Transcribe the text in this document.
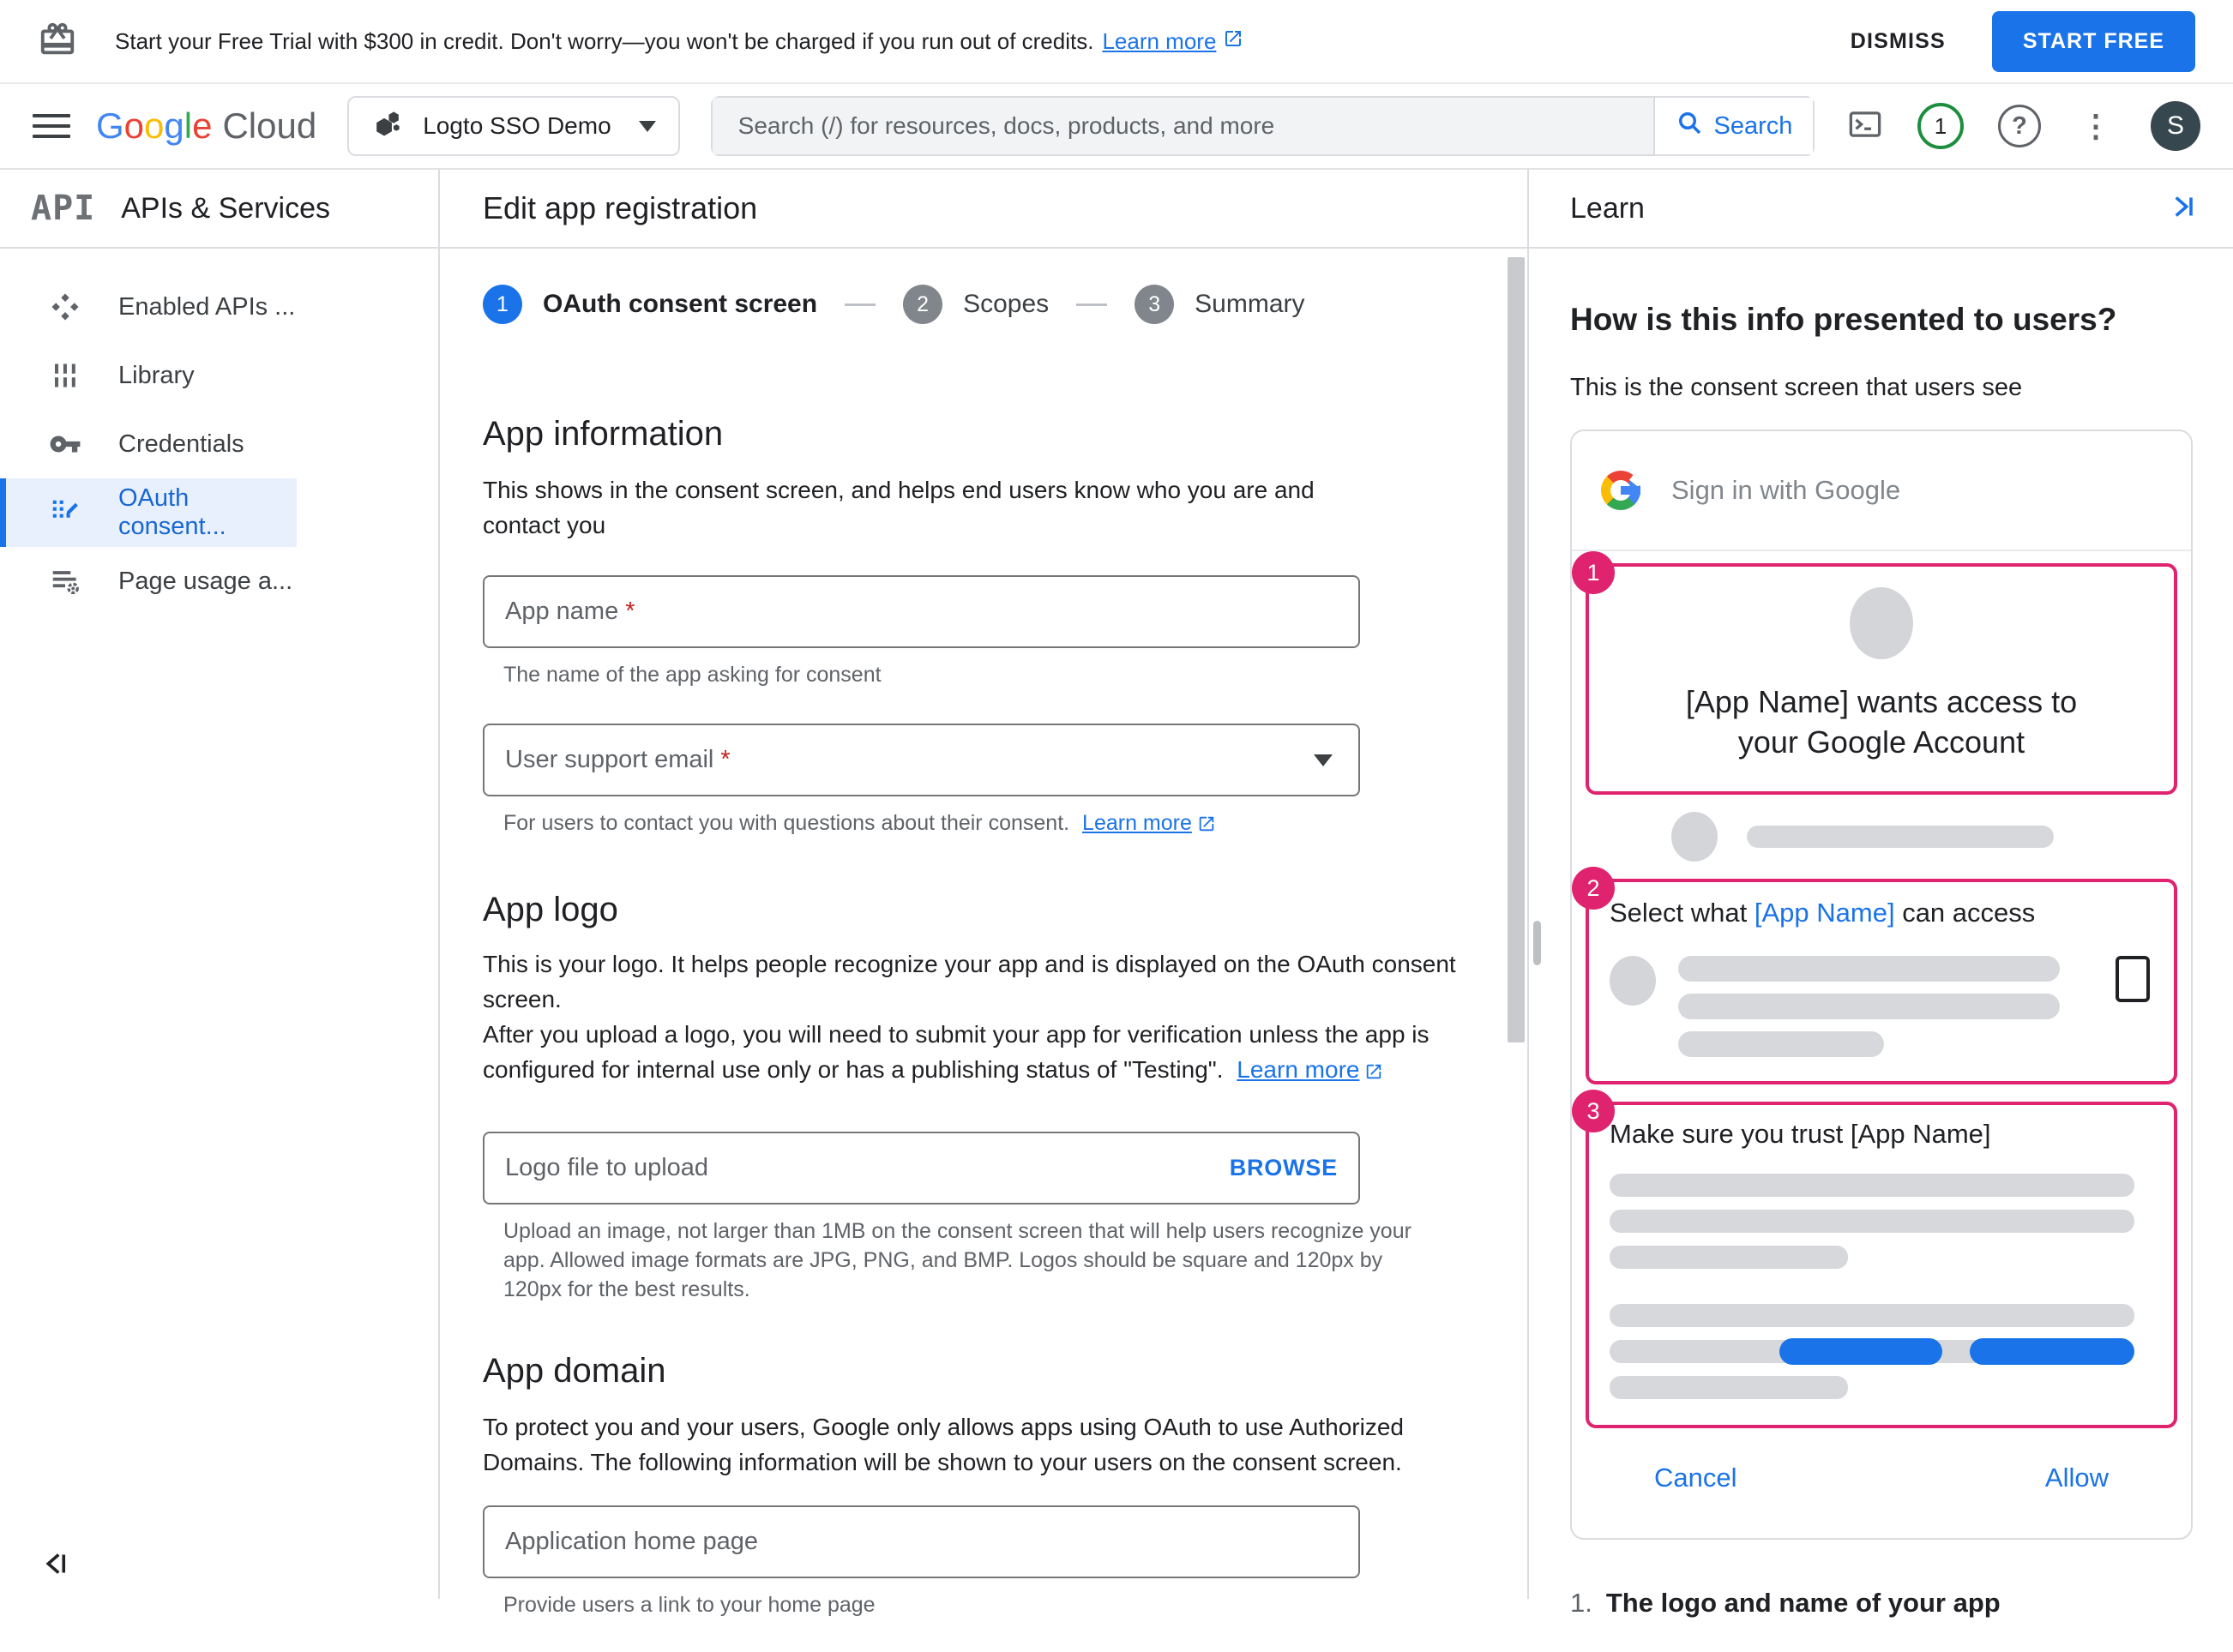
Start your Free Trial with $300 in credit. Don't worry—you won't be charged if you run out of credits. Learn more	DISMISS	START FREE
G o o g l e Cloud	Logto SSO Demo
Search (/) for resources, docs, products, and more	Search	1	?	⋮ S
API APIs & Services
Enabled APIs ...
Library
Credentials
OAuth consent...
Page usage a...
Edit app registration
1	OAuth consent screen	2	Scopes	3	Summary
App information

This shows in the consent screen, and helps end users know who you are and contact you

App name *

The name of the app asking for consent

User support email *

For users to contact you with questions about their consent. Learn more

App logo

This is your logo. It helps people recognize your app and is displayed on the OAuth consent screen.

After you upload a logo, you will need to submit your app for verification unless the app is configured for internal use only or has a publishing status of "Testing". Learn more

Logo file to upload	BROWSE

Upload an image, not larger than 1MB on the consent screen that will help users recognize your app. Allowed image formats are JPG, PNG, and BMP. Logos should be square and 120px by 120px for the best results.

App domain

To protect you and your users, Google only allows apps using OAuth to use Authorized Domains. The following information will be shown to your users on the consent screen.

Application home page

Provide users a link to your home page

Learn
How is this info presented to users?

This is the consent screen that users see

Sign in with Google
1
[App Name] wants access to your Google Account
2
Select what [App Name] can access
3
Make sure you trust [App Name]
Cancel	Allow
1. The logo and name of your app
